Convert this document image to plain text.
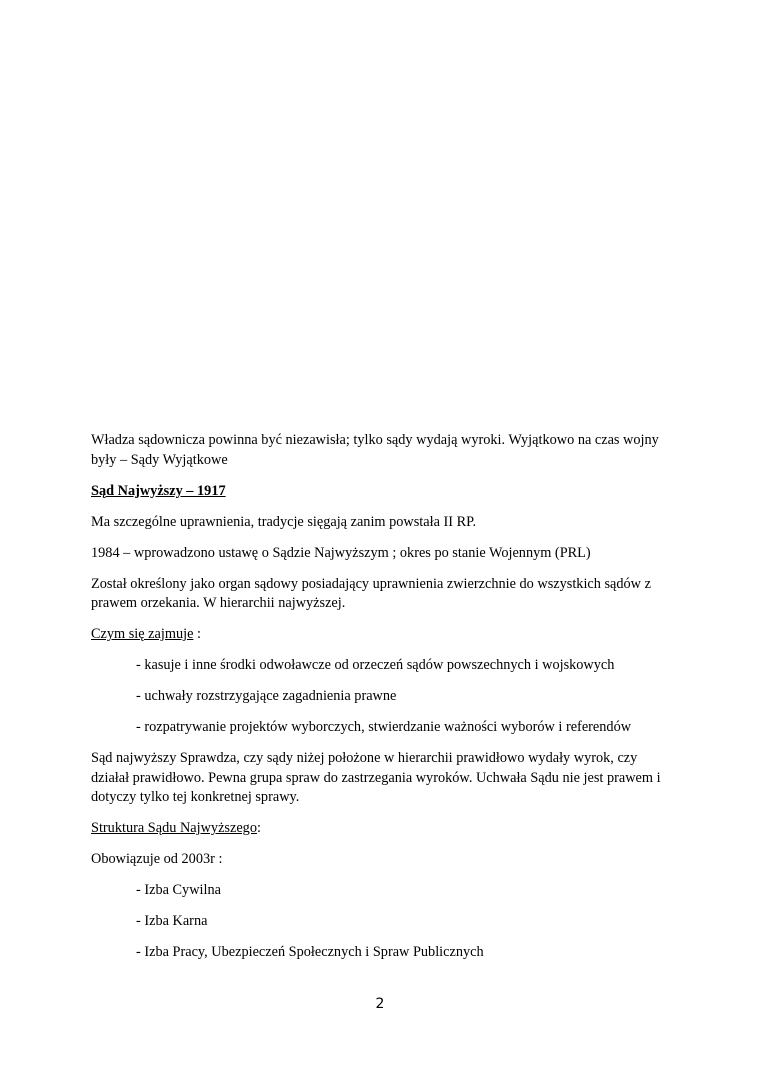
Władza sądownicza powinna być niezawisła; tylko sądy wydają wyroki. Wyjątkowo na czas wojny były – Sądy Wyjątkowe

Sąd Najwyższy – 1917

Ma szczególne uprawnienia, tradycje sięgają zanim powstała II RP.

1984 – wprowadzono ustawę o Sądzie Najwyższym ; okres po stanie Wojennym (PRL)

Został określony jako organ sądowy posiadający uprawnienia zwierzchnie do wszystkich sądów z prawem orzekania. W hierarchii najwyższej.

Czym się zajmuje :

- kasuje i inne środki odwoławcze od orzeczeń sądów powszechnych i wojskowych

- uchwały rozstrzygające zagadnienia prawne

- rozpatrywanie projektów wyborczych, stwierdzanie ważności wyborów i referendów

Sąd najwyższy Sprawdza, czy sądy niżej położone w hierarchii prawidłowo wydały wyrok, czy działał prawidłowo. Pewna grupa spraw do zastrzegania wyroków. Uchwała Sądu nie jest prawem i dotyczy tylko tej konkretnej sprawy.

Struktura Sądu Najwyższego:

Obowiązuje od 2003r :

- Izba Cywilna

- Izba Karna

- Izba Pracy, Ubezpieczeń Społecznych i Spraw Publicznych

2
